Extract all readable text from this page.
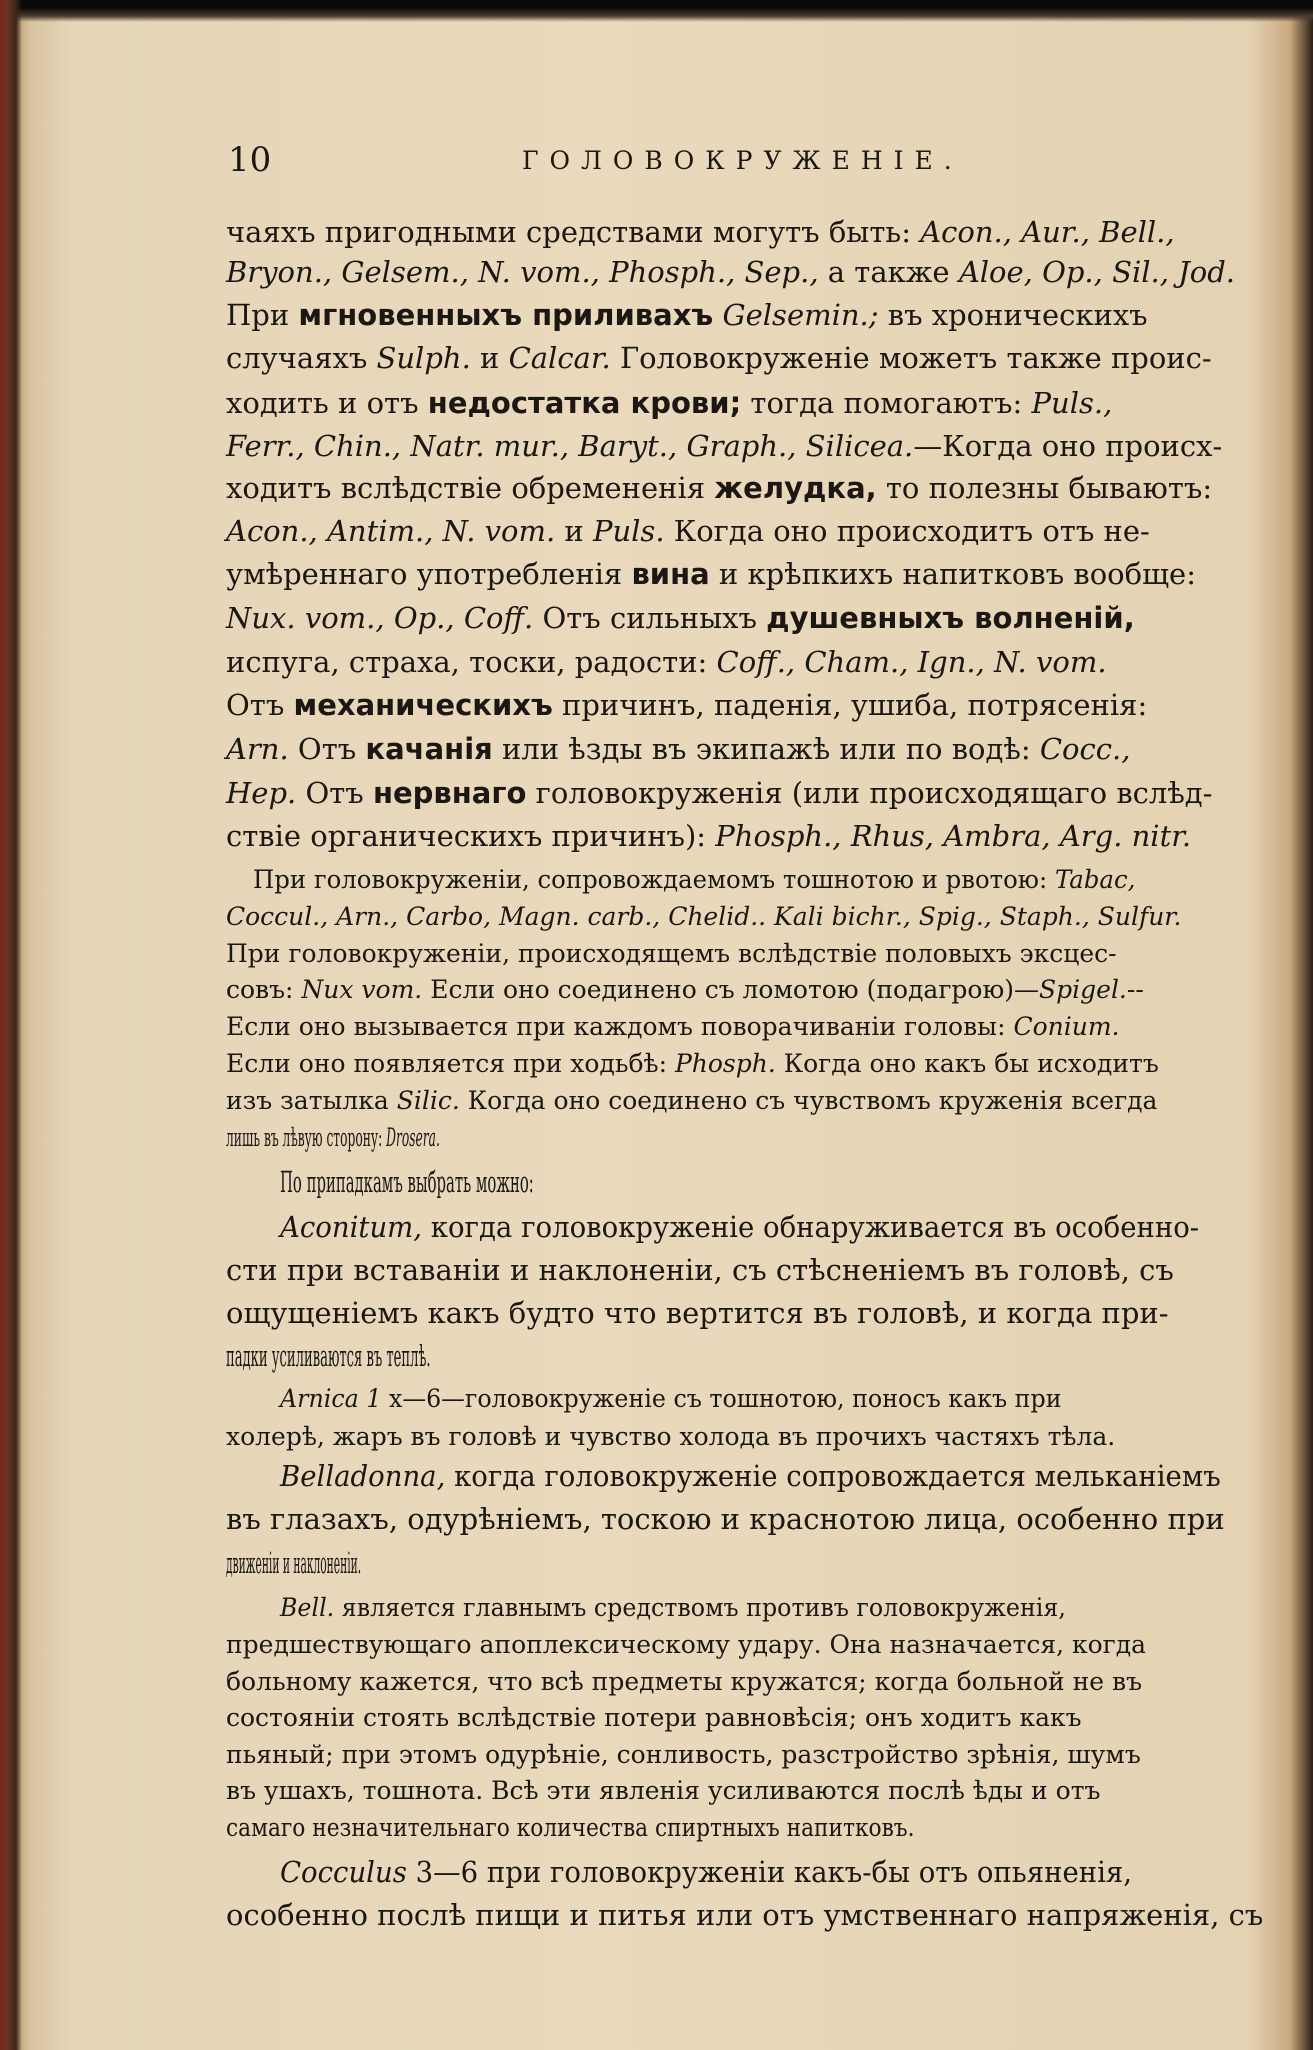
10	ГОЛОВОКРУЖЕНІЕ.
чаяхъ пригодными средствами могутъ быть: Acon., Aur., Bell.,
Bryon., Gelsem., N. vom., Phosph., Sep., а также Aloe, Op., Sil., Jod.
При мгновенныхъ приливахъ Gelsemin.; въ хроническихъ
случаяхъ Sulph. и Calcar. Головокруженіе можетъ также проис-
ходить и отъ недостатка крови; тогда помогаютъ: Puls.,
Ferr., Chin., Natr. mur., Baryt., Graph., Silicea.—Когда оно происх-
ходитъ вслѣдствіе обремененія желудка, то полезны бываютъ:
Acon., Antim., N. vom. и Puls. Когда оно происходитъ отъ не-
умѣреннаго употребленія вина и крѣпкихъ напитковъ вообще:
Nux. vom., Op., Coff. Отъ сильныхъ душевныхъ волненій,
испуга, страха, тоски, радости: Coff., Cham., Ign., N. vom.
Отъ механическихъ причинъ, паденія, ушиба, потрясенія:
Arn. Отъ качанія или ѣзды въ экипажѣ или по водѣ: Cocc.,
Hep. Отъ нервнаго головокруженія (или происходящаго вслѣд-
ствіе органическихъ причинъ): Phosph., Rhus, Ambra, Arg. nitr.
При головокруженіи, сопровождаемомъ тошнотою и рвотою: Tabac,
Coccul., Arn., Carbo, Magn. carb., Chelid.. Kali bichr., Spig., Staph., Sulfur.
При головокруженіи, происходящемъ вслѣдствіе половыхъ эксцес-
совъ: Nux vom. Если оно соединено съ ломотою (подагрою)—Spigel.--
Если оно вызывается при каждомъ поворачиваніи головы: Conium.
Если оно появляется при ходьбѣ: Phosph. Когда оно какъ бы исходитъ
изъ затылка Silic. Когда оно соединено съ чувствомъ круженія всегда
лишь въ лѣвую сторону: Drosera.
По припадкамъ выбрать можно:
Aconitum, когда головокруженіе обнаруживается въ особенно-
сти при вставаніи и наклоненіи, съ стѣсненіемъ въ головѣ, съ
ощущеніемъ какъ будто что вертится въ головѣ, и когда при-
падки усиливаются въ теплѣ.
Arnica 1 x—6—головокруженіе съ тошнотою, поносъ какъ при
холерѣ, жаръ въ головѣ и чувство холода въ прочихъ частяхъ тѣла.
Belladonna, когда головокруженіе сопровождается мельканіемъ
въ глазахъ, одурѣніемъ, тоскою и краснотою лица, особенно при
движеніи и наклоненіи.
Bell. является главнымъ средствомъ противъ головокруженія,
предшествующаго апоплексическому удару. Она назначается, когда
больному кажется, что всѣ предметы кружатся; когда больной не въ
состояніи стоять вслѣдствіе потери равновѣсія; онъ ходитъ какъ
пьяный; при этомъ одурѣніе, сонливость, разстройство зрѣнія, шумъ
въ ушахъ, тошнота. Всѣ эти явленія усиливаются послѣ ѣды и отъ
самаго незначительнаго количества спиртныхъ напитковъ.
Cocculus 3—6 при головокруженіи какъ-бы отъ опьяненія,
особенно послѣ пищи и питья или отъ умственнаго напряженія, съ
